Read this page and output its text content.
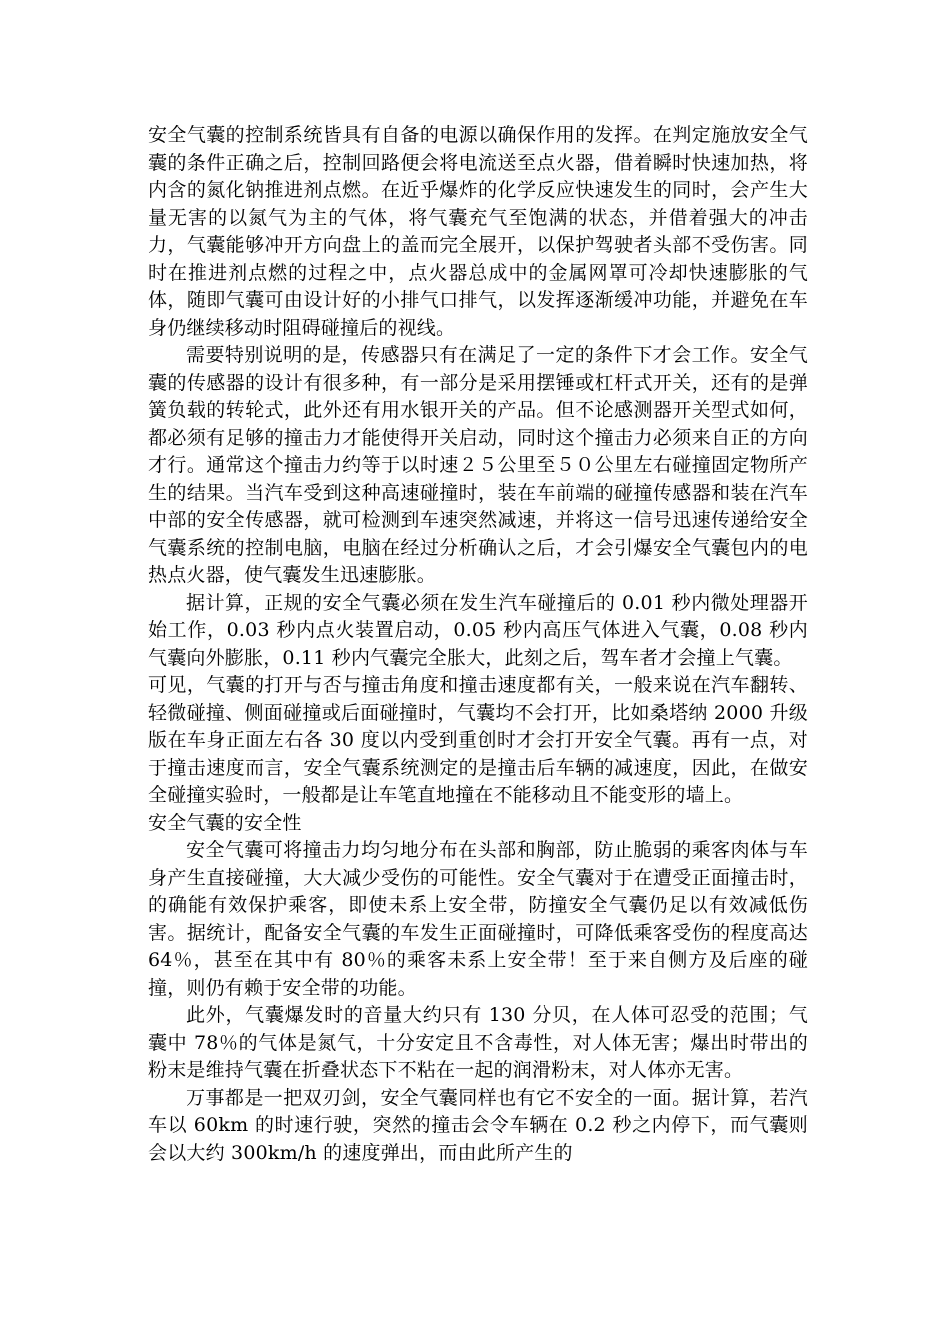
安全气囊的控制系统皆具有自备的电源以确保作用的发挥。在判定施放安全气囊的条件正确之后，控制回路便会将电流送至点火器，借着瞬时快速加热，将内含的氮化钠推进剂点燃。在近乎爆炸的化学反应快速发生的同时，会产生大量无害的以氮气为主的气体，将气囊充气至饱满的状态，并借着强大的冲击力，气囊能够冲开方向盘上的盖而完全展开，以保护驾驶者头部不受伤害。同时在推进剂点燃的过程之中，点火器总成中的金属网罩可冷却快速膨胀的气体，随即气囊可由设计好的小排气口排气，以发挥逐渐缓冲功能，并避免在车身仍继续移动时阻碍碰撞后的视线。

需要特别说明的是，传感器只有在满足了一定的条件下才会工作。安全气囊的传感器的设计有很多种，有一部分是采用摆锤或杠杆式开关，还有的是弹簧负载的转轮式，此外还有用水银开关的产品。但不论感测器开关型式如何，都必须有足够的撞击力才能使得开关启动，同时这个撞击力必须来自正的方向才行。通常这个撞击力约等于以时速２５公里至５０公里左右碰撞固定物所产生的结果。当汽车受到这种高速碰撞时，装在车前端的碰撞传感器和装在汽车中部的安全传感器，就可检测到车速突然减速，并将这一信号迅速传递给安全气囊系统的控制电脑，电脑在经过分析确认之后，才会引爆安全气囊包内的电热点火器，使气囊发生迅速膨胀。

据计算，正规的安全气囊必须在发生汽车碰撞后的 0.01 秒内微处理器开始工作，0.03 秒内点火装置启动，0.05 秒内高压气体进入气囊，0.08 秒内气囊向外膨胀，0.11 秒内气囊完全胀大，此刻之后，驾车者才会撞上气囊。

可见，气囊的打开与否与撞击角度和撞击速度都有关，一般来说在汽车翻转、轻微碰撞、侧面碰撞或后面碰撞时，气囊均不会打开，比如桑塔纳 2000 升级版在车身正面左右各 30 度以内受到重创时才会打开安全气囊。再有一点，对于撞击速度而言，安全气囊系统测定的是撞击后车辆的减速度，因此，在做安全碰撞实验时，一般都是让车笔直地撞在不能移动且不能变形的墙上。

安全气囊的安全性

安全气囊可将撞击力均匀地分布在头部和胸部，防止脆弱的乘客肉体与车身产生直接碰撞，大大减少受伤的可能性。安全气囊对于在遭受正面撞击时，的确能有效保护乘客，即使未系上安全带，防撞安全气囊仍足以有效减低伤害。据统计，配备安全气囊的车发生正面碰撞时，可降低乘客受伤的程度高达 64％，甚至在其中有 80％的乘客未系上安全带！至于来自侧方及后座的碰撞，则仍有赖于安全带的功能。

此外，气囊爆发时的音量大约只有 130 分贝，在人体可忍受的范围；气囊中 78％的气体是氮气，十分安定且不含毒性，对人体无害；爆出时带出的粉末是维持气囊在折叠状态下不粘在一起的润滑粉末，对人体亦无害。

万事都是一把双刃剑，安全气囊同样也有它不安全的一面。据计算，若汽车以 60km 的时速行驶，突然的撞击会令车辆在 0.2 秒之内停下，而气囊则会以大约 300km/h 的速度弹出，而由此所产生的
